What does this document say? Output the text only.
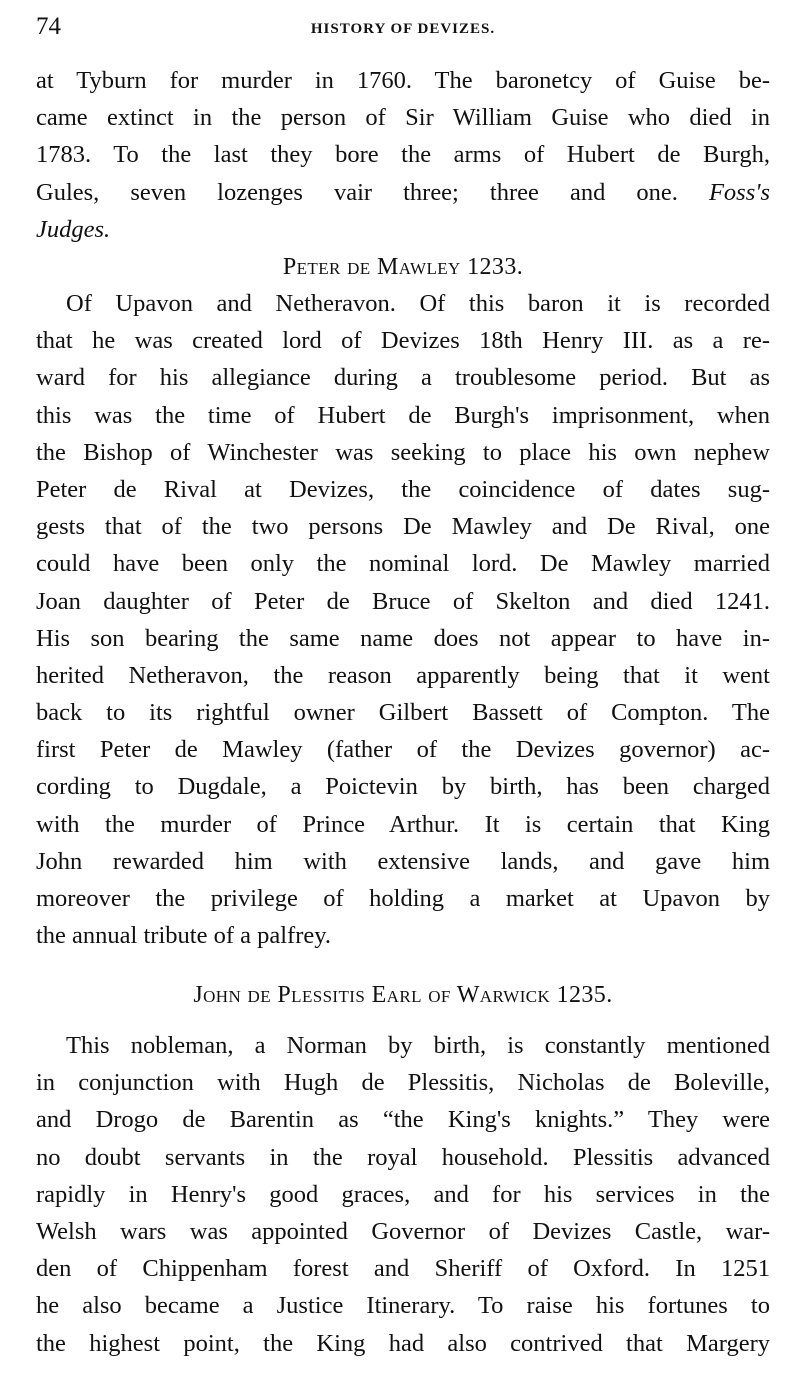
74	HISTORY OF DEVIZES.
at Tyburn for murder in 1760. The baronetcy of Guise be-
came extinct in the person of Sir William Guise who died in
1783. To the last they bore the arms of Hubert de Burgh,
Gules, seven lozenges vair three; three and one. Foss's
Judges.
Peter de Mawley 1233.
Of Upavon and Netheravon. Of this baron it is recorded
that he was created lord of Devizes 18th Henry III. as a re-
ward for his allegiance during a troublesome period. But as
this was the time of Hubert de Burgh's imprisonment, when
the Bishop of Winchester was seeking to place his own nephew
Peter de Rival at Devizes, the coincidence of dates sug-
gests that of the two persons De Mawley and De Rival, one
could have been only the nominal lord. De Mawley married
Joan daughter of Peter de Bruce of Skelton and died 1241.
His son bearing the same name does not appear to have in-
herited Netheravon, the reason apparently being that it went
back to its rightful owner Gilbert Bassett of Compton. The
first Peter de Mawley (father of the Devizes governor) ac-
cording to Dugdale, a Poictevin by birth, has been charged
with the murder of Prince Arthur. It is certain that King
John rewarded him with extensive lands, and gave him
moreover the privilege of holding a market at Upavon by
the annual tribute of a palfrey.
John de Plessitis Earl of Warwick 1235.
This nobleman, a Norman by birth, is constantly mentioned
in conjunction with Hugh de Plessitis, Nicholas de Boleville,
and Drogo de Barentin as “the King's knights.” They were
no doubt servants in the royal household. Plessitis advanced
rapidly in Henry's good graces, and for his services in the
Welsh wars was appointed Governor of Devizes Castle, war-
den of Chippenham forest and Sheriff of Oxford. In 1251
he also became a Justice Itinerary. To raise his fortunes to
the highest point, the King had also contrived that Margery
